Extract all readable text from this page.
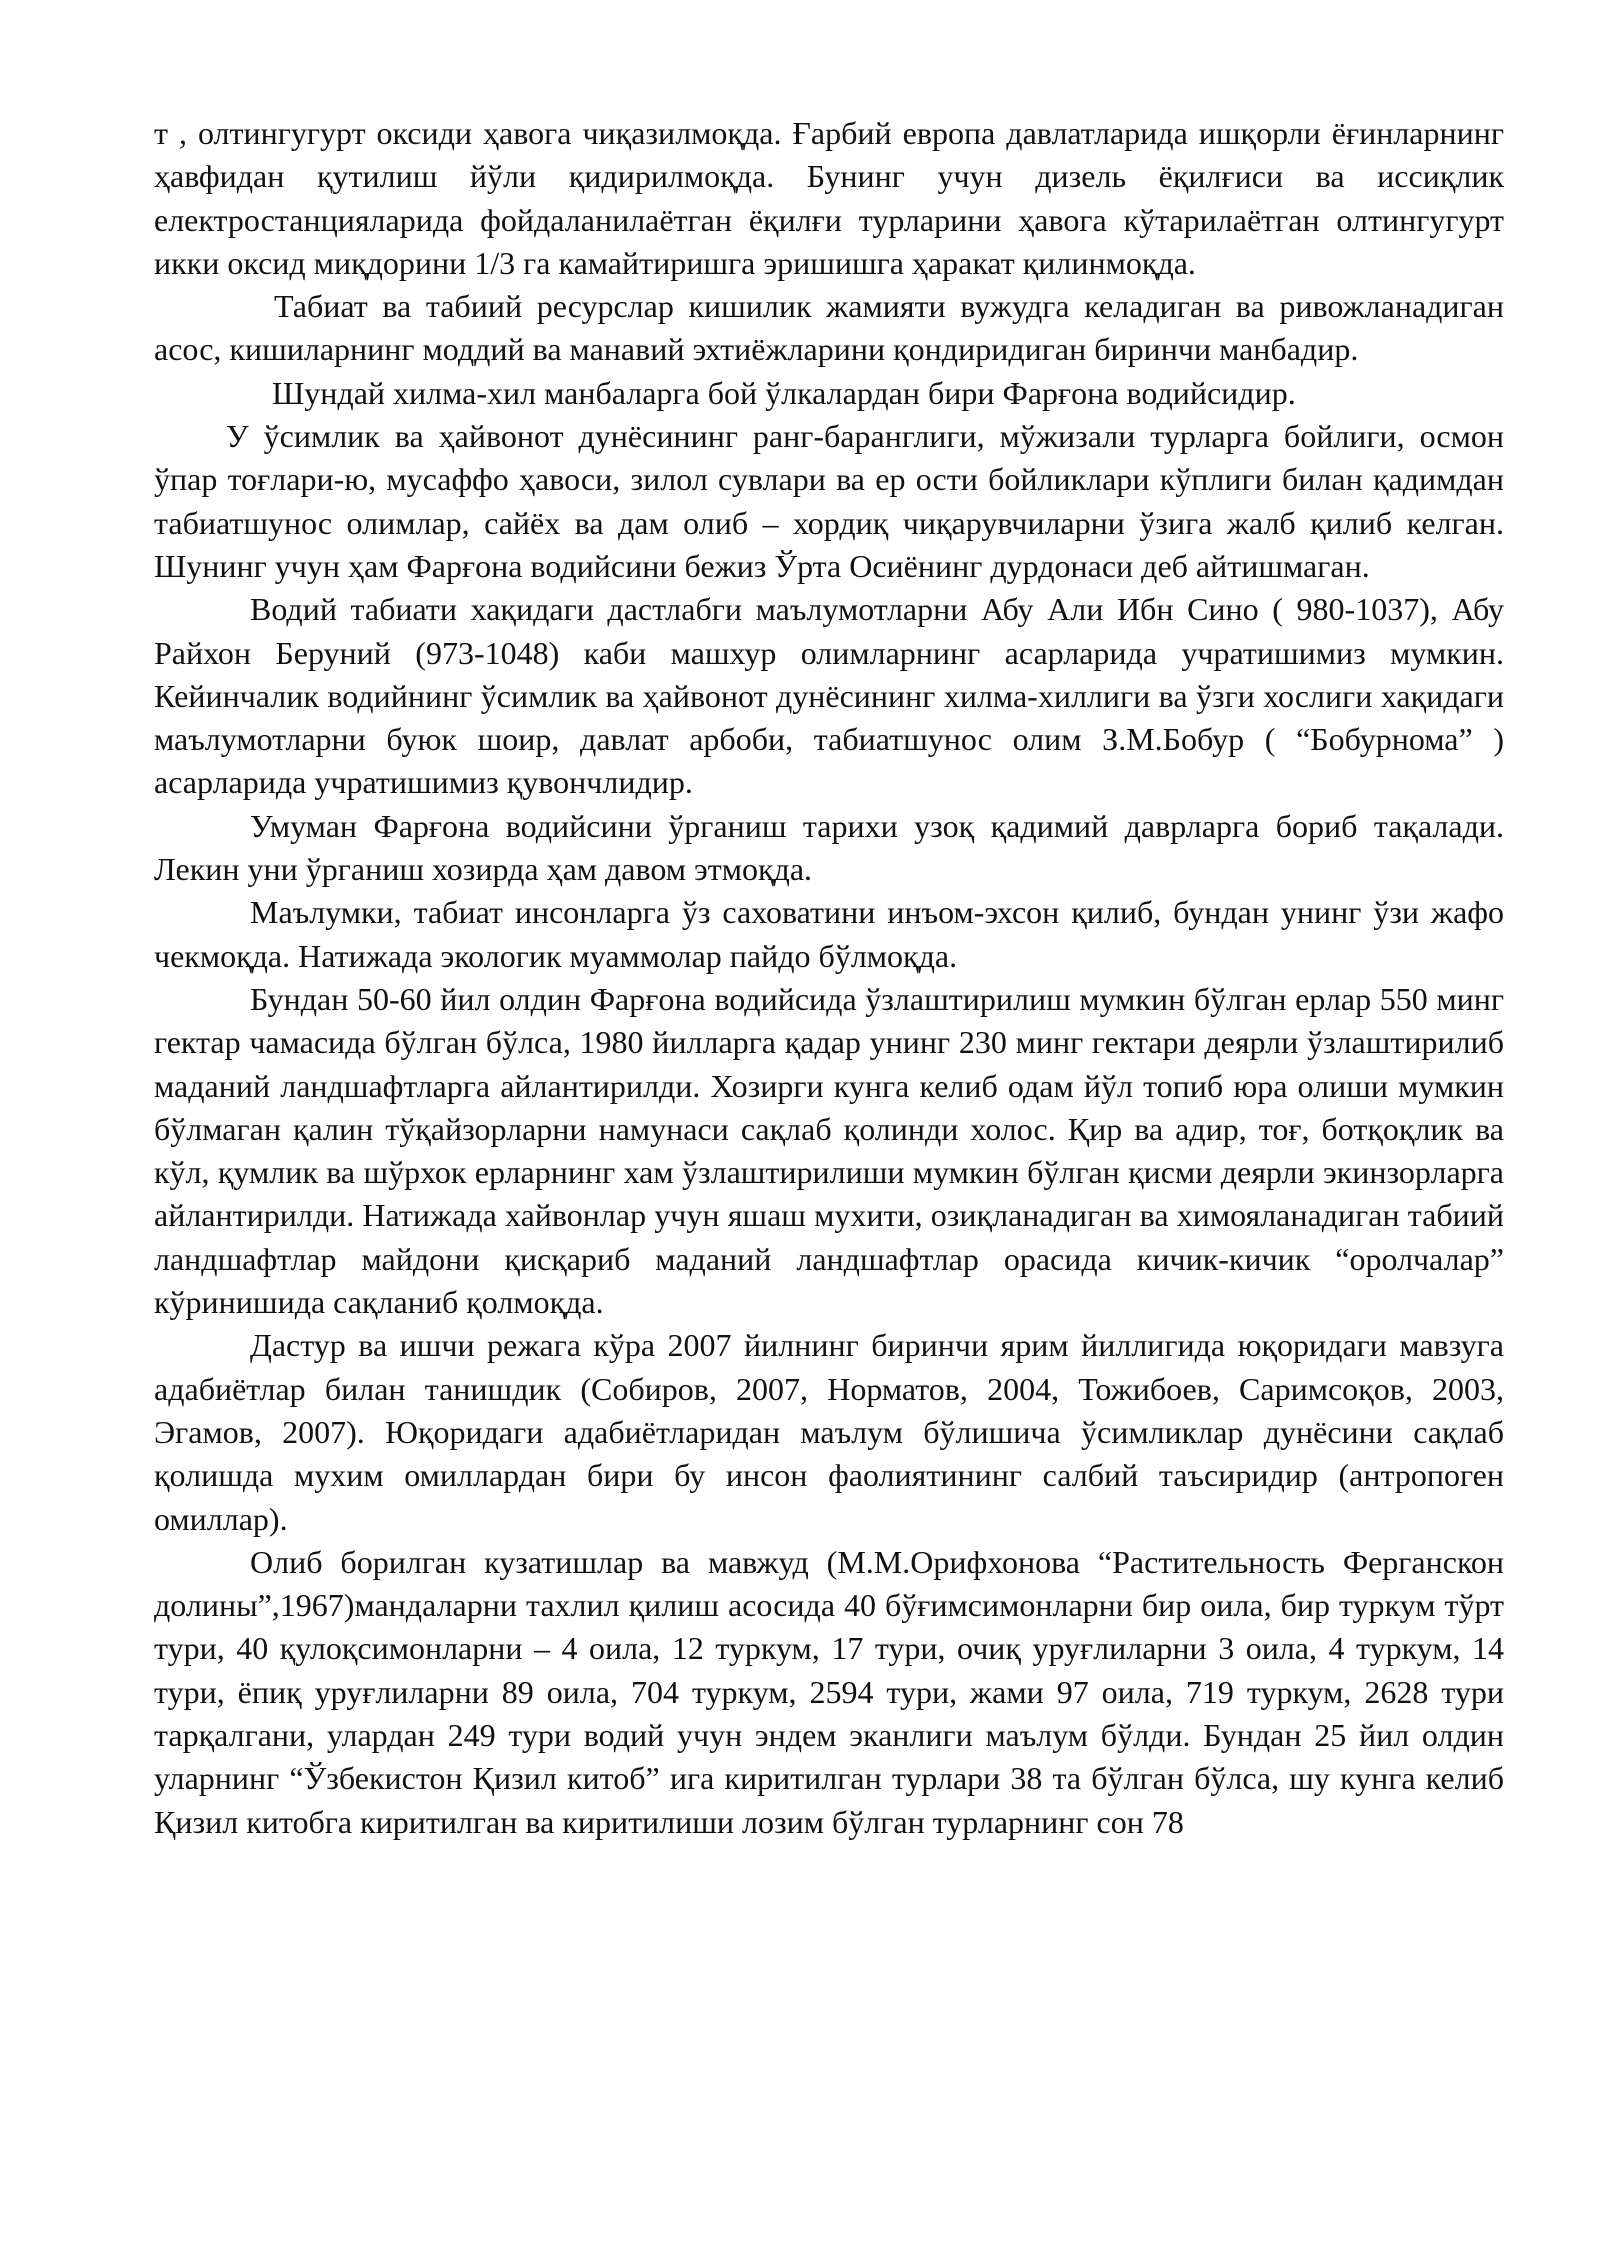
т , олтингугурт оксиди ҳавога чиқазилмоқда. Ғарбий европа давлатларида ишқорли ёғинларнинг ҳавфидан қутилиш йўли қидирилмоқда. Бунинг учун дизель ёқилғиси ва иссиқлик електростанцияларида фойдаланилаётган ёқилғи турларини ҳавога кўтарилаётган олтингугурт икки оксид миқдорини 1/3 га камайтиришга эришишга ҳаракат қилинмоқда.

Табиат ва табиий ресурслар кишилик жамияти вужудга келадиган ва ривожланадиган асос, кишиларнинг моддий ва манавий эхтиёжларини қондиридиган биринчи манбадир.

Шундай хилма-хил манбаларга бой ўлкалардан бири Фарғона водийсидир.

У ўсимлик ва ҳайвонот дунёсининг ранг-баранглиги, мўжизали турларга бойлиги, осмон ўпар тоғлари-ю, мусаффо ҳавоси, зилол сувлари ва ер ости бойликлари кўплиги билан қадимдан табиатшунос олимлар, сайёх ва дам олиб – хордиқ чиқарувчиларни ўзига жалб қилиб келган. Шунинг учун ҳам Фарғона водийсини бежиз Ўрта Осиёнинг дурдонаси деб айтишмаган.

Водий табиати хақидаги дастлабги маълумотларни Абу Али Ибн Сино ( 980-1037), Абу Райхон Беруний (973-1048) каби машхур олимларнинг асарларида учратишимиз мумкин. Кейинчалик водийнинг ўсимлик ва ҳайвонот дунёсининг хилма-хиллиги ва ўзги хослиги хақидаги маълумотларни буюк шоир, давлат арбоби, табиатшунос олим З.М.Бобур ( “Бобурнома” ) асарларида учратишимиз қувончлидир.

Умуман Фарғона водийсини ўрганиш тарихи узоқ қадимий даврларга бориб тақалади. Лекин уни ўрганиш хозирда ҳам давом этмоқда.

Маълумки, табиат инсонларга ўз саховатини инъом-эхсон қилиб, бундан унинг ўзи жафо чекмоқда. Натижада экологик муаммолар пайдо бўлмоқда.

Бундан 50-60 йил олдин Фарғона водийсида ўзлаштирилиш мумкин бўлган ерлар 550 минг гектар чамасида бўлган бўлса, 1980 йилларга қадар унинг 230 минг гектари деярли ўзлаштирилиб маданий ландшафтларга айлантирилди. Хозирги кунга келиб одам йўл топиб юра олиши мумкин бўлмаган қалин тўқайзорларни намунаси сақлаб қолинди холос. Қир ва адир, тоғ, ботқоқлик ва кўл, қумлик ва шўрхок ерларнинг хам ўзлаштирилиши мумкин бўлган қисми деярли экинзорларга айлантирилди. Натижада хайвонлар учун яшаш мухити, озиқланадиган ва химояланадиган табиий ландшафтлар майдони қисқариб маданий ландшафтлар орасида кичик-кичик “оролчалар” кўринишида сақланиб қолмоқда.

Дастур ва ишчи режага кўра 2007 йилнинг биринчи ярим йиллигида юқоридаги мавзуга адабиётлар билан танишдик (Собиров, 2007, Норматов, 2004, Тожибоев, Саримсоқов, 2003, Эгамов, 2007). Юқоридаги адабиётларидан маълум бўлишича ўсимликлар дунёсини сақлаб қолишда мухим омиллардан бири бу инсон фаолиятининг салбий таъсиридир (антропоген омиллар).

Олиб борилган кузатишлар ва мавжуд (М.М.Орифхонова “Растительность Ферганскон долины”,1967)мандаларни тахлил қилиш асосида 40 бўғимсимонларни бир оила, бир туркум тўрт тури, 40 қулоқсимонларни – 4 оила, 12 туркум, 17 тури, очиқ уруғлиларни 3 оила, 4 туркум, 14 тури, ёпиқ уруғлиларни 89 оила, 704 туркум, 2594 тури, жами 97 оила, 719 туркум, 2628 тури тарқалгани, улардан 249 тури водий учун эндем эканлиги маълум бўлди. Бундан 25 йил олдин уларнинг “Ўзбекистон Қизил китоб” ига киритилган турлари 38 та бўлган бўлса, шу кунга келиб Қизил китобга киритилган ва киритилиши лозим бўлган турларнинг сон 78
